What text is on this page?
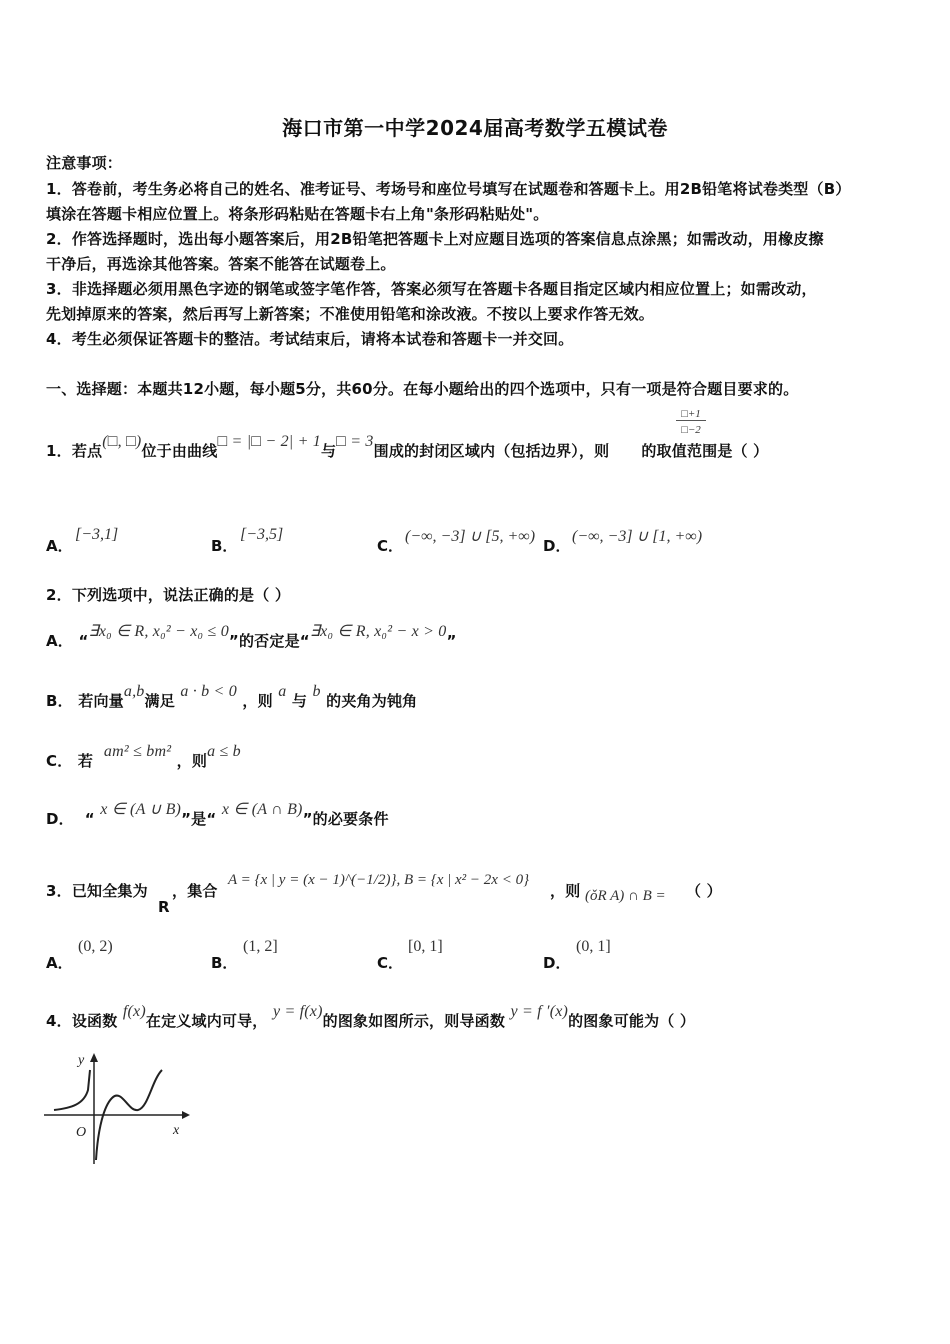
海口市第一中学2024届高考数学五模试卷
注意事项：
1．答卷前，考生务必将自己的姓名、准考证号、考场号和座位号填写在试题卷和答题卡上。用2B铅笔将试卷类型（B）
填涂在答题卡相应位置上。将条形码粘贴在答题卡右上角"条形码粘贴处"。
2．作答选择题时，选出每小题答案后，用2B铅笔把答题卡上对应题目选项的答案信息点涂黑；如需改动，用橡皮擦
干净后，再选涂其他答案。答案不能答在试题卷上。
3．非选择题必须用黑色字迹的钢笔或签字笔作答，答案必须写在答题卡各题目指定区域内相应位置上；如需改动，
先划掉原来的答案，然后再写上新答案；不准使用铅笔和涂改液。不按以上要求作答无效。
4．考生必须保证答题卡的整洁。考试结束后，请将本试卷和答题卡一并交回。
一、选择题：本题共12小题，每小题5分，共60分。在每小题给出的四个选项中，只有一项是符合题目要求的。
1．若点(□, □)位于由曲线□ = |□ − 2| + 1与□ = 3围成的封闭区域内（包括边界），则 的取值范围是（ ）
□+1
□−2
A．
[−3,1]
B．
[−3,5]
C．
(−∞, −3] ∪ [5, +∞)
D．
(−∞, −3] ∪ [1, +∞)
2．下列选项中，说法正确的是（ ）
A． “∃x₀ ∈ R, x₀² − x₀ ≤ 0”的否定是“∃x₀ ∈ R, x₀² − x > 0”
B． 若向量a,b满足 a · b < 0 ，则 a 与 b 的夹角为钝角
C． 若  am² ≤ bm² ，则a ≤ b
D． “ x ∈ (A ∪ B)”是“ x ∈ (A ∩ B)”的必要条件
3．已知全集为
R
，集合
A = {x | y = (x − 1)^(−1/2)}, B = {x | x² − 2x < 0}
，则 (ǒR A) ∩ B = （ ）
A．
(0, 2)
B．
(1, 2]
C．
[0, 1]
D．
(0, 1]
4．设函数 f(x)在定义域内可导， y = f(x)的图象如图所示，则导函数 y = f ′(x)的图象可能为（ ）
y
O	x
